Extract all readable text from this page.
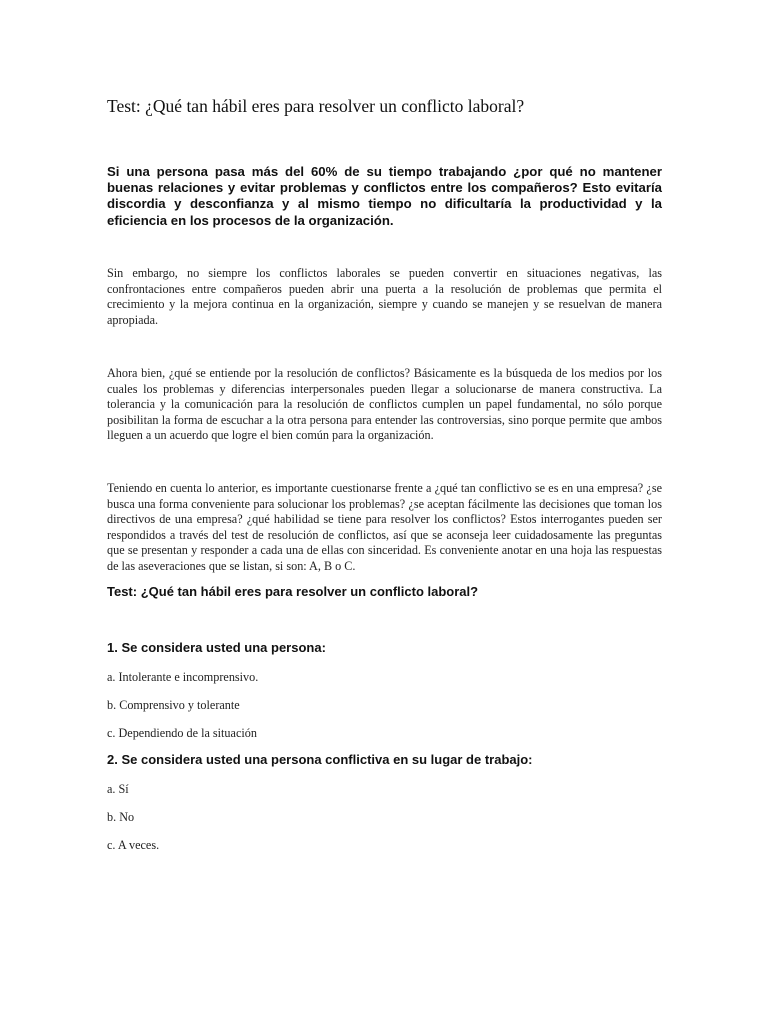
Test: ¿Qué tan hábil eres para resolver un conflicto laboral?

Si una persona pasa más del 60% de su tiempo trabajando ¿por qué no mantener buenas relaciones y evitar problemas y conflictos entre los compañeros? Esto evitaría discordia y desconfianza y al mismo tiempo no dificultaría la productividad y la eficiencia en los procesos de la organización.

Sin embargo, no siempre los conflictos laborales se pueden convertir en situaciones negativas, las confrontaciones entre compañeros pueden abrir una puerta a la resolución de problemas que permita el crecimiento y la mejora continua en la organización, siempre y cuando se manejen y se resuelvan de manera apropiada.

Ahora bien, ¿qué se entiende por la resolución de conflictos? Básicamente es la búsqueda de los medios por los cuales los problemas y diferencias interpersonales pueden llegar a solucionarse de manera constructiva. La tolerancia y la comunicación para la resolución de conflictos cumplen un papel fundamental, no sólo porque posibilitan la forma de escuchar a la otra persona para entender las controversias, sino porque permite que ambos lleguen a un acuerdo que logre el bien común para la organización.

Teniendo en cuenta lo anterior, es importante cuestionarse frente a ¿qué tan conflictivo se es en una empresa? ¿se busca una forma conveniente para solucionar los problemas? ¿se aceptan fácilmente las decisiones que toman los directivos de una empresa? ¿qué habilidad se tiene para resolver los conflictos? Estos interrogantes pueden ser respondidos a través del test de resolución de conflictos, así que se aconseja leer cuidadosamente las preguntas que se presentan y responder a cada una de ellas con sinceridad. Es conveniente anotar en una hoja las respuestas de las aseveraciones que se listan, si son: A, B o C.

Test: ¿Qué tan hábil eres para resolver un conflicto laboral?
1. Se considera usted una persona:

a. Intolerante e incomprensivo.

b. Comprensivo y tolerante

c. Dependiendo de la situación

2. Se considera usted una persona conflictiva en su lugar de trabajo:

a. Sí

b. No

c. A veces.
